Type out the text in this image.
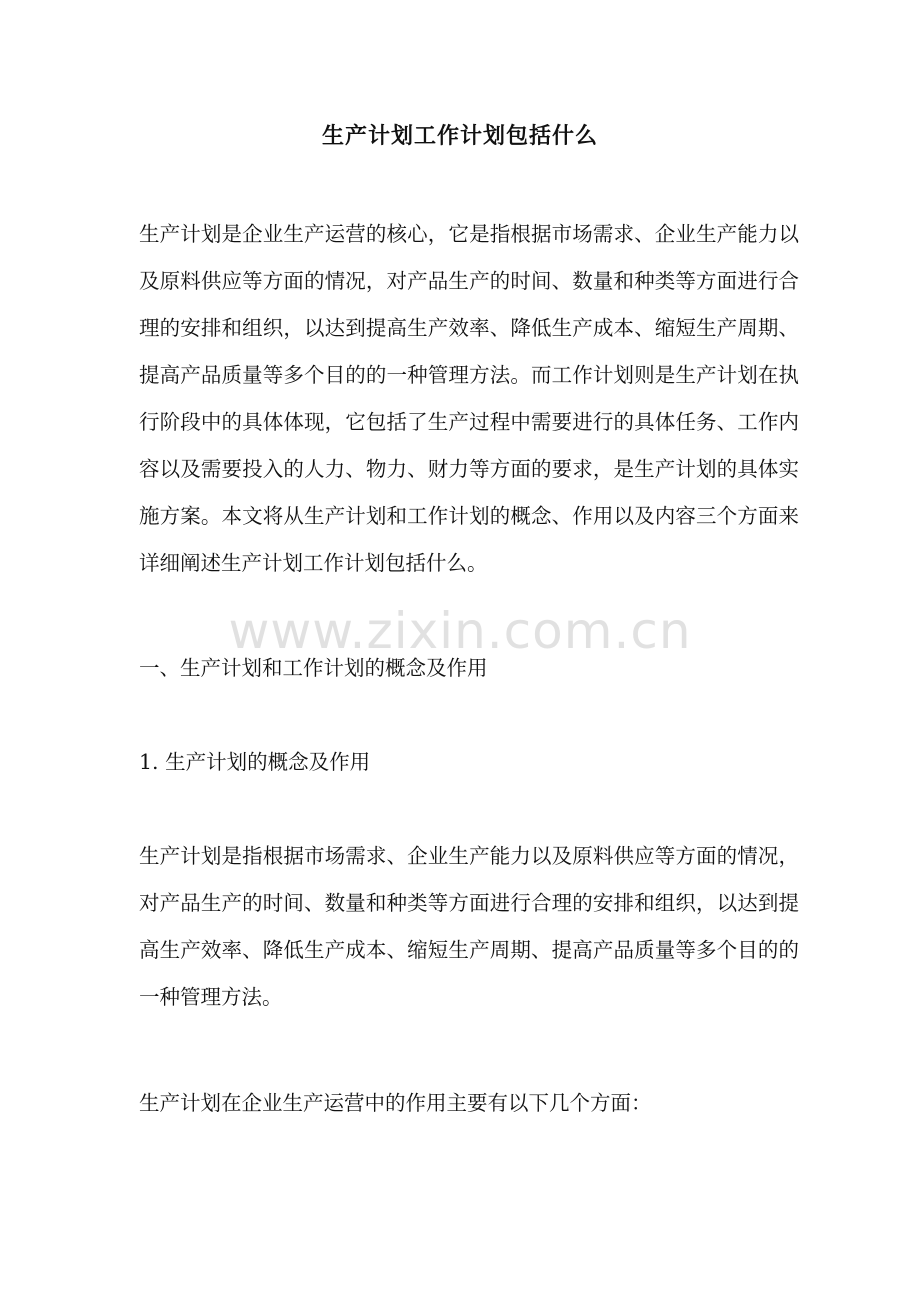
生产计划工作计划包括什么

生产计划是企业生产运营的核心，它是指根据市场需求、企业生产能力以及原料供应等方面的情况，对产品生产的时间、数量和种类等方面进行合理的安排和组织，以达到提高生产效率、降低生产成本、缩短生产周期、提高产品质量等多个目的的一种管理方法。而工作计划则是生产计划在执行阶段中的具体体现，它包括了生产过程中需要进行的具体任务、工作内容以及需要投入的人力、物力、财力等方面的要求，是生产计划的具体实施方案。本文将从生产计划和工作计划的概念、作用以及内容三个方面来详细阐述生产计划工作计划包括什么。

www.zixin.com.cn

一、生产计划和工作计划的概念及作用

1. 生产计划的概念及作用

生产计划是指根据市场需求、企业生产能力以及原料供应等方面的情况，对产品生产的时间、数量和种类等方面进行合理的安排和组织，以达到提高生产效率、降低生产成本、缩短生产周期、提高产品质量等多个目的的一种管理方法。

生产计划在企业生产运营中的作用主要有以下几个方面：
